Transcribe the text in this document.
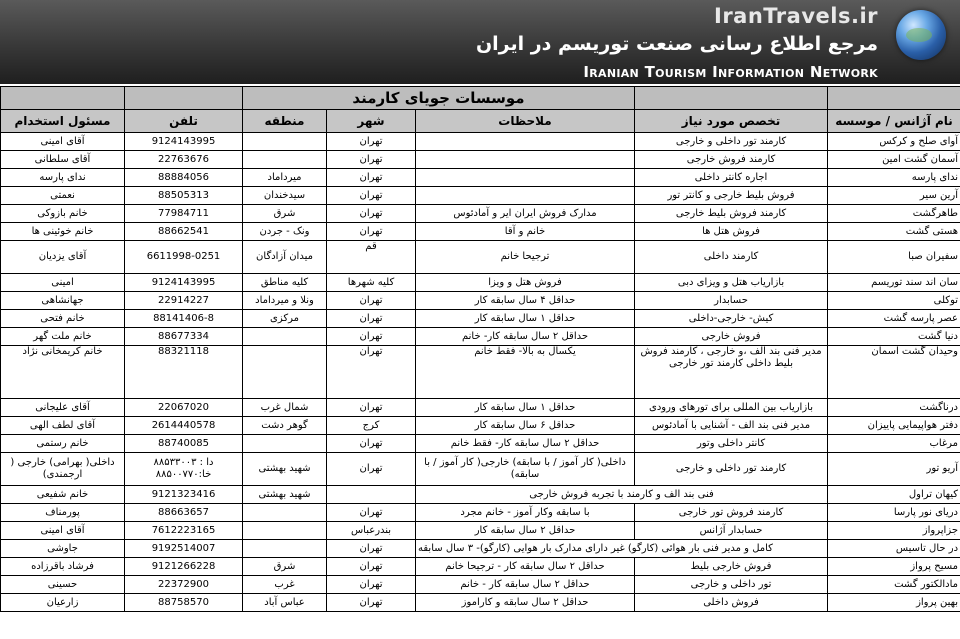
IranTravels.ir
مرجع اطلاع رسانی صنعت توریسم در ایران
Iranian Tourism Information Network
		موسسات جویای کارمند				
نام آژانس / موسسه	تخصص مورد نیاز	ملاحظات	شهر	منطقه	تلفن	مسئول استخدام
آوای صلح و کرکس	کارمند تور داخلی و خارجی		تهران		9124143995	آقای امینی
آسمان گشت امین	کارمند فروش خارجی		تهران		22763676	آقای سلطانی
ندای پارسه	اجاره کانتر داخلی		تهران	میرداماد	88884056	ندای پارسه
آرین سیر	فروش بلیط خارجی و کانتر تور		تهران	سیدخندان	88505313	نعمتی
طاهرگشت	کارمند فروش بلیط خارجی	مدارک فروش ایران ایر و آمادئوس	تهران	شرق	77984711	خانم بازوکی
هستی گشت	فروش هتل ها	خانم و آقا	تهران	ونک - جردن	88662541	خانم خوئینی ها
سفیران صبا	کارمند داخلی	ترجیحا خانم	قم	میدان آزادگان	6611998-0251	آقای یزدیان
سان اند سند توریسم	بازاریاب هتل و ویزای دبی	فروش هتل و ویزا	کلیه شهرها	کلیه مناطق	9124143995	امینی
توکلی	حسابدار	حداقل ۴ سال سابقه کار	تهران	ونلا و میرداماد	22914227	جهانشاهی
عصر پارسه گشت	کیش- خارجی-داخلی	حداقل ۱ سال سابقه کار	تهران	مرکزی	88141406-8	خانم فتحی
دنیا گشت	فروش خارجی	حداقل ۲ سال سابقه کار- خانم	تهران		88677334	خانم ملت گهر
وحیدان گشت آسمان	مدیر فنی بند الف ،و خارجی ، کارمند فروش بلیط داخلی کارمند تور خارجی	یکسال به بالا- فقط خانم	تهران		88321118	خانم کریمخانی نژاد
درناگشت	بازاریاب بین المللی برای تورهای ورودی	حداقل ۱ سال سابقه کار	تهران	شمال غرب	22067020	آقای علیجانی
دفتر هواپیمایی پاییزان	مدیر فنی بند الف - آشنایی با آمادئوس	حداقل ۶ سال سابقه کار	کرج	گوهر دشت	2614440578	آقای لطف الهی
مرغاب	کانتر داخلی وتور	حداقل ۲ سال سابقه کار- فقط خانم	تهران		88740085	خانم رستمی
آریو تور	کارمند تور داخلی و خارجی	داخلی( کار آموز / با سابقه) خارجی( کار آموز / با سابقه)	تهران	شهید بهشتی	دا : ۸۸۵۳۳۰۰۳ خا:۸۸۵۰۰۷۷۰	داخلی( بهرامی) خارجی ( ارجمندی)
کیهان تراول	فنی بند الف و کارمند با تجربه فروش خارجی			شهید بهشتی	9121323416	خانم شفیعی
دریای نور پارسا	کارمند فروش تور خارجی	با سابقه وکار آموز - خانم مجرد	تهران		88663657	پورمناف
جزاپرواز	حسابدار آژانس	حداقل ۲ سال سابقه کار	بندرعباس		7612223165	آقای امینی
در حال تاسیس	کامل و مدیر فنی بار هوائی (کارگو) غیر دارای مدارک بار هوایی (کارگو)- ۳ سال سابقه		تهران		9192514007	جاوشی
مسیح پرواز	فروش خارجی بلیط	حداقل ۲ سال سابقه کار - ترجیحا خانم	تهران	شرق	9121266228	فرشاد باقرزاده
مادالکتور گشت	تور داخلی و خارجی	حداقل ۲ سال سابقه کار - خانم	تهران	غرب	22372900	حسینی
بهین پرواز	فروش داخلی	حداقل ۲ سال سابقه و کاراموز	تهران	عباس آباد	88758570	زارعیان
